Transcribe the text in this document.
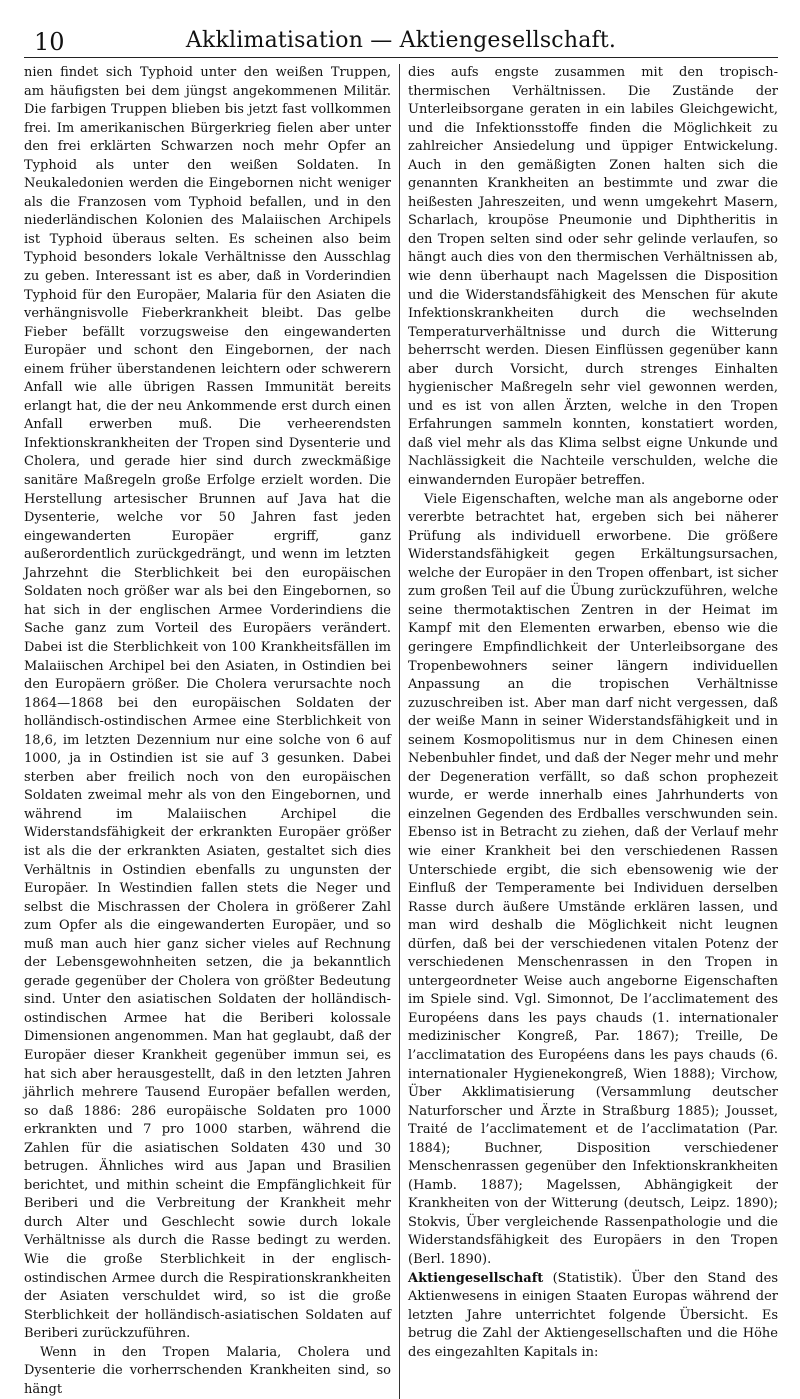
10	Akklimatisation — Aktiengesellschaft.

nien findet sich Typhoid unter den weißen Truppen, am häufigsten bei dem jüngst angekommenen Militär. Die farbigen Truppen blieben bis jetzt fast vollkommen frei. Im amerikanischen Bürgerkrieg fielen aber unter den frei erklärten Schwarzen noch mehr Opfer an Typhoid als unter den weißen Soldaten. In Neukaledonien werden die Eingebornen nicht weniger als die Franzosen vom Typhoid befallen, und in den niederländischen Kolonien des Malaiischen Archipels ist Typhoid überaus selten. Es scheinen also beim Typhoid besonders lokale Verhältnisse den Ausschlag zu geben. Interessant ist es aber, daß in Vorderindien Typhoid für den Europäer, Malaria für den Asiaten die verhängnisvolle Fieberkrankheit bleibt. Das gelbe Fieber befällt vorzugsweise den eingewanderten Europäer und schont den Eingebornen, der nach einem früher überstandenen leichtern oder schwerern Anfall wie alle übrigen Rassen Immunität bereits erlangt hat, die der neu Ankommende erst durch einen Anfall erwerben muß. Die verheerendsten Infektionskrankheiten der Tropen sind Dysenterie und Cholera, und gerade hier sind durch zweckmäßige sanitäre Maßregeln große Erfolge erzielt worden. Die Herstellung artesischer Brunnen auf Java hat die Dysenterie, welche vor 50 Jahren fast jeden eingewanderten Europäer ergriff, ganz außerordentlich zurückgedrängt, und wenn im letzten Jahrzehnt die Sterblichkeit bei den europäischen Soldaten noch größer war als bei den Eingebornen, so hat sich in der englischen Armee Vorderindiens die Sache ganz zum Vorteil des Europäers verändert. Dabei ist die Sterblichkeit von 100 Krankheitsfällen im Malaiischen Archipel bei den Asiaten, in Ostindien bei den Europäern größer. Die Cholera verursachte noch 1864—1868 bei den europäischen Soldaten der holländisch-ostindischen Armee eine Sterblichkeit von 18,6, im letzten Dezennium nur eine solche von 6 auf 1000, ja in Ostindien ist sie auf 3 gesunken. Dabei sterben aber freilich noch von den europäischen Soldaten zweimal mehr als von den Eingebornen, und während im Malaiischen Archipel die Widerstandsfähigkeit der erkrankten Europäer größer ist als die der erkrankten Asiaten, gestaltet sich dies Verhältnis in Ostindien ebenfalls zu ungunsten der Europäer. In Westindien fallen stets die Neger und selbst die Mischrassen der Cholera in größerer Zahl zum Opfer als die eingewanderten Europäer, und so muß man auch hier ganz sicher vieles auf Rechnung der Lebensgewohnheiten setzen, die ja bekanntlich gerade gegenüber der Cholera von größter Bedeutung sind. Unter den asiatischen Soldaten der holländisch-ostindischen Armee hat die Beriberi kolossale Dimensionen angenommen. Man hat geglaubt, daß der Europäer dieser Krankheit gegenüber immun sei, es hat sich aber herausgestellt, daß in den letzten Jahren jährlich mehrere Tausend Europäer befallen werden, so daß 1886: 286 europäische Soldaten pro 1000 erkrankten und 7 pro 1000 starben, während die Zahlen für die asiatischen Soldaten 430 und 30 betrugen. Ähnliches wird aus Japan und Brasilien berichtet, und mithin scheint die Empfänglichkeit für Beriberi und die Verbreitung der Krankheit mehr durch Alter und Geschlecht sowie durch lokale Verhältnisse als durch die Rasse bedingt zu werden. Wie die große Sterblichkeit in der englisch-ostindischen Armee durch die Respirationskrankheiten der Asiaten verschuldet wird, so ist die große Sterblichkeit der holländisch-asiatischen Soldaten auf Beriberi zurückzuführen.

Wenn in den Tropen Malaria, Cholera und Dysenterie die vorherrschenden Krankheiten sind, so hängt

dies aufs engste zusammen mit den tropisch-thermischen Verhältnissen. Die Zustände der Unterleibsorgane geraten in ein labiles Gleichgewicht, und die Infektionsstoffe finden die Möglichkeit zu zahlreicher Ansiedelung und üppiger Entwickelung. Auch in den gemäßigten Zonen halten sich die genannten Krankheiten an bestimmte und zwar die heißesten Jahreszeiten, und wenn umgekehrt Masern, Scharlach, kroupöse Pneumonie und Diphtheritis in den Tropen selten sind oder sehr gelinde verlaufen, so hängt auch dies von den thermischen Verhältnissen ab, wie denn überhaupt nach Magelssen die Disposition und die Widerstandsfähigkeit des Menschen für akute Infektionskrankheiten durch die wechselnden Temperaturverhältnisse und durch die Witterung beherrscht werden. Diesen Einflüssen gegenüber kann aber durch Vorsicht, durch strenges Einhalten hygienischer Maßregeln sehr viel gewonnen werden, und es ist von allen Ärzten, welche in den Tropen Erfahrungen sammeln konnten, konstatiert worden, daß viel mehr als das Klima selbst eigne Unkunde und Nachlässigkeit die Nachteile verschulden, welche die einwandernden Europäer betreffen.

Viele Eigenschaften, welche man als angeborne oder vererbte betrachtet hat, ergeben sich bei näherer Prüfung als individuell erworbene. Die größere Widerstandsfähigkeit gegen Erkältungsursachen, welche der Europäer in den Tropen offenbart, ist sicher zum großen Teil auf die Übung zurückzuführen, welche seine thermotaktischen Zentren in der Heimat im Kampf mit den Elementen erwarben, ebenso wie die geringere Empfindlichkeit der Unterleibsorgane des Tropenbewohners seiner längern individuellen Anpassung an die tropischen Verhältnisse zuzuschreiben ist. Aber man darf nicht vergessen, daß der weiße Mann in seiner Widerstandsfähigkeit und in seinem Kosmopolitismus nur in dem Chinesen einen Nebenbuhler findet, und daß der Neger mehr und mehr der Degeneration verfällt, so daß schon prophezeit wurde, er werde innerhalb eines Jahrhunderts von einzelnen Gegenden des Erdballes verschwunden sein. Ebenso ist in Betracht zu ziehen, daß der Verlauf mehr wie einer Krankheit bei den verschiedenen Rassen Unterschiede ergibt, die sich ebensowenig wie der Einfluß der Temperamente bei Individuen derselben Rasse durch äußere Umstände erklären lassen, und man wird deshalb die Möglichkeit nicht leugnen dürfen, daß bei der verschiedenen vitalen Potenz der verschiedenen Menschenrassen in den Tropen in untergeordneter Weise auch angeborne Eigenschaften im Spiele sind. Vgl. Simonnot, De l’acclimatement des Européens dans les pays chauds (1. internationaler medizinischer Kongreß, Par. 1867); Treille, De l’acclimatation des Européens dans les pays chauds (6. internationaler Hygienekongreß, Wien 1888); Virchow, Über Akklimatisierung (Versammlung deutscher Naturforscher und Ärzte in Straßburg 1885); Jousset, Traité de l’acclimatement et de l’acclimatation (Par. 1884); Buchner, Disposition verschiedener Menschenrassen gegenüber den Infektionskrankheiten (Hamb. 1887); Magelssen, Abhängigkeit der Krankheiten von der Witterung (deutsch, Leipz. 1890); Stokvis, Über vergleichende Rassenpathologie und die Widerstandsfähigkeit des Europäers in den Tropen (Berl. 1890).

Aktiengesellschaft (Statistik). Über den Stand des Aktienwesens in einigen Staaten Europas während der letzten Jahre unterrichtet folgende Übersicht. Es betrug die Zahl der Aktiengesellschaften und die Höhe des eingezahlten Kapitals in:
